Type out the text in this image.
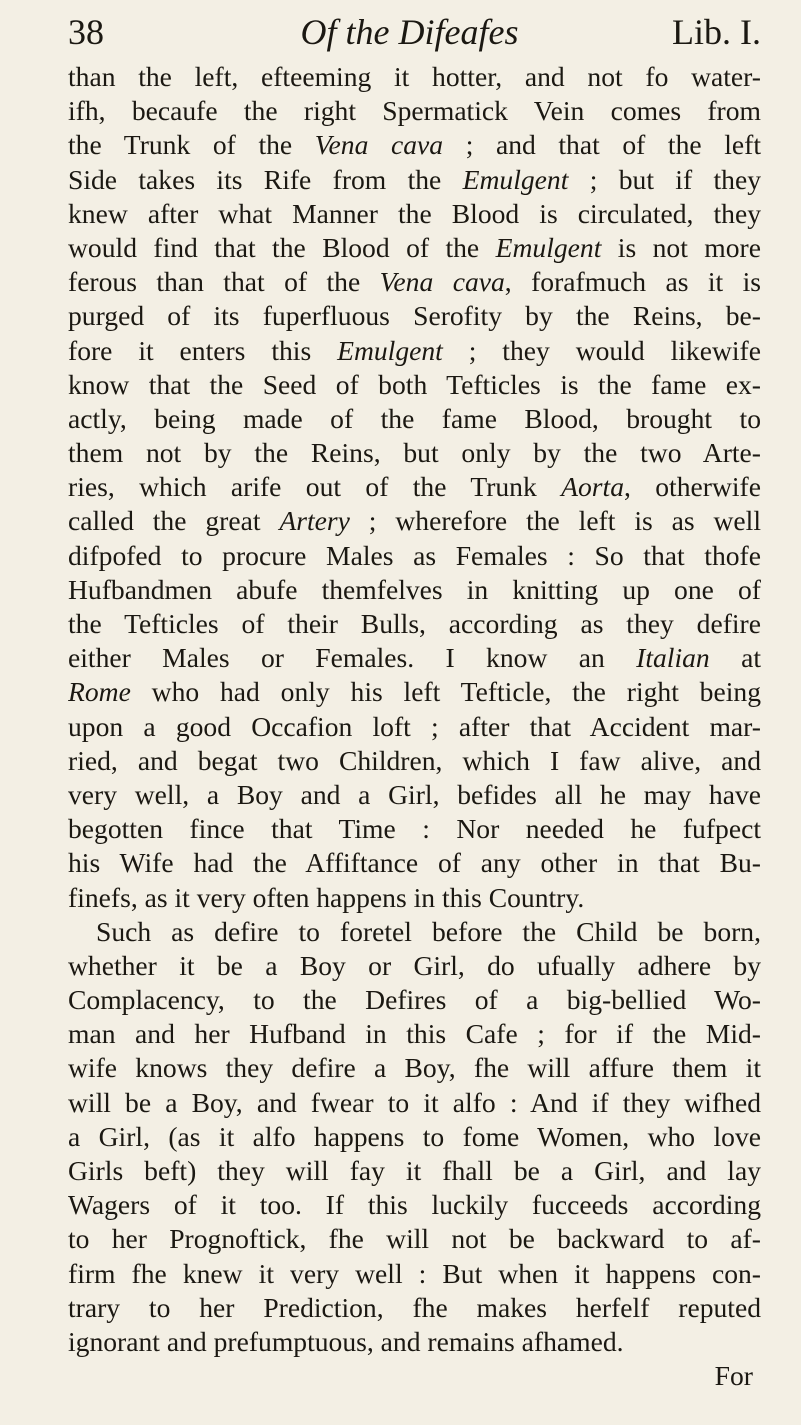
38	Of the Difeafes	Lib. I.
than the left, efteeming it hotter, and not fo water-
ifh, becaufe the right Spermatick Vein comes from
the Trunk of the Vena cava ; and that of the left
Side takes its Rife from the Emulgent ; but if they
knew after what Manner the Blood is circulated, they
would find that the Blood of the Emulgent is not more
ferous than that of the Vena cava, forafmuch as it is
purged of its fuperfluous Serofity by the Reins, be-
fore it enters this Emulgent ; they would likewife
know that the Seed of both Tefticles is the fame ex-
actly, being made of the fame Blood, brought to
them not by the Reins, but only by the two Arte-
ries, which arife out of the Trunk Aorta, otherwife
called the great Artery ; wherefore the left is as well
difpofed to procure Males as Females : So that thofe
Hufbandmen abufe themfelves in knitting up one of
the Tefticles of their Bulls, according as they defire
either Males or Females. I know an Italian at
Rome who had only his left Tefticle, the right being
upon a good Occafion loft ; after that Accident mar-
ried, and begat two Children, which I faw alive, and
very well, a Boy and a Girl, befides all he may have
begotten fince that Time : Nor needed he fufpect
his Wife had the Affiftance of any other in that Bu-
finefs, as it very often happens in this Country.
Such as defire to foretel before the Child be born,
whether it be a Boy or Girl, do ufually adhere by
Complacency, to the Defires of a big-bellied Wo-
man and her Hufband in this Cafe ; for if the Mid-
wife knows they defire a Boy, fhe will affure them it
will be a Boy, and fwear to it alfo : And if they wifhed
a Girl, (as it alfo happens to fome Women, who love
Girls beft) they will fay it fhall be a Girl, and lay
Wagers of it too. If this luckily fucceeds according
to her Prognoftick, fhe will not be backward to af-
firm fhe knew it very well : But when it happens con-
trary to her Prediction, fhe makes herfelf reputed
ignorant and prefumptuous, and remains afhamed.
For
